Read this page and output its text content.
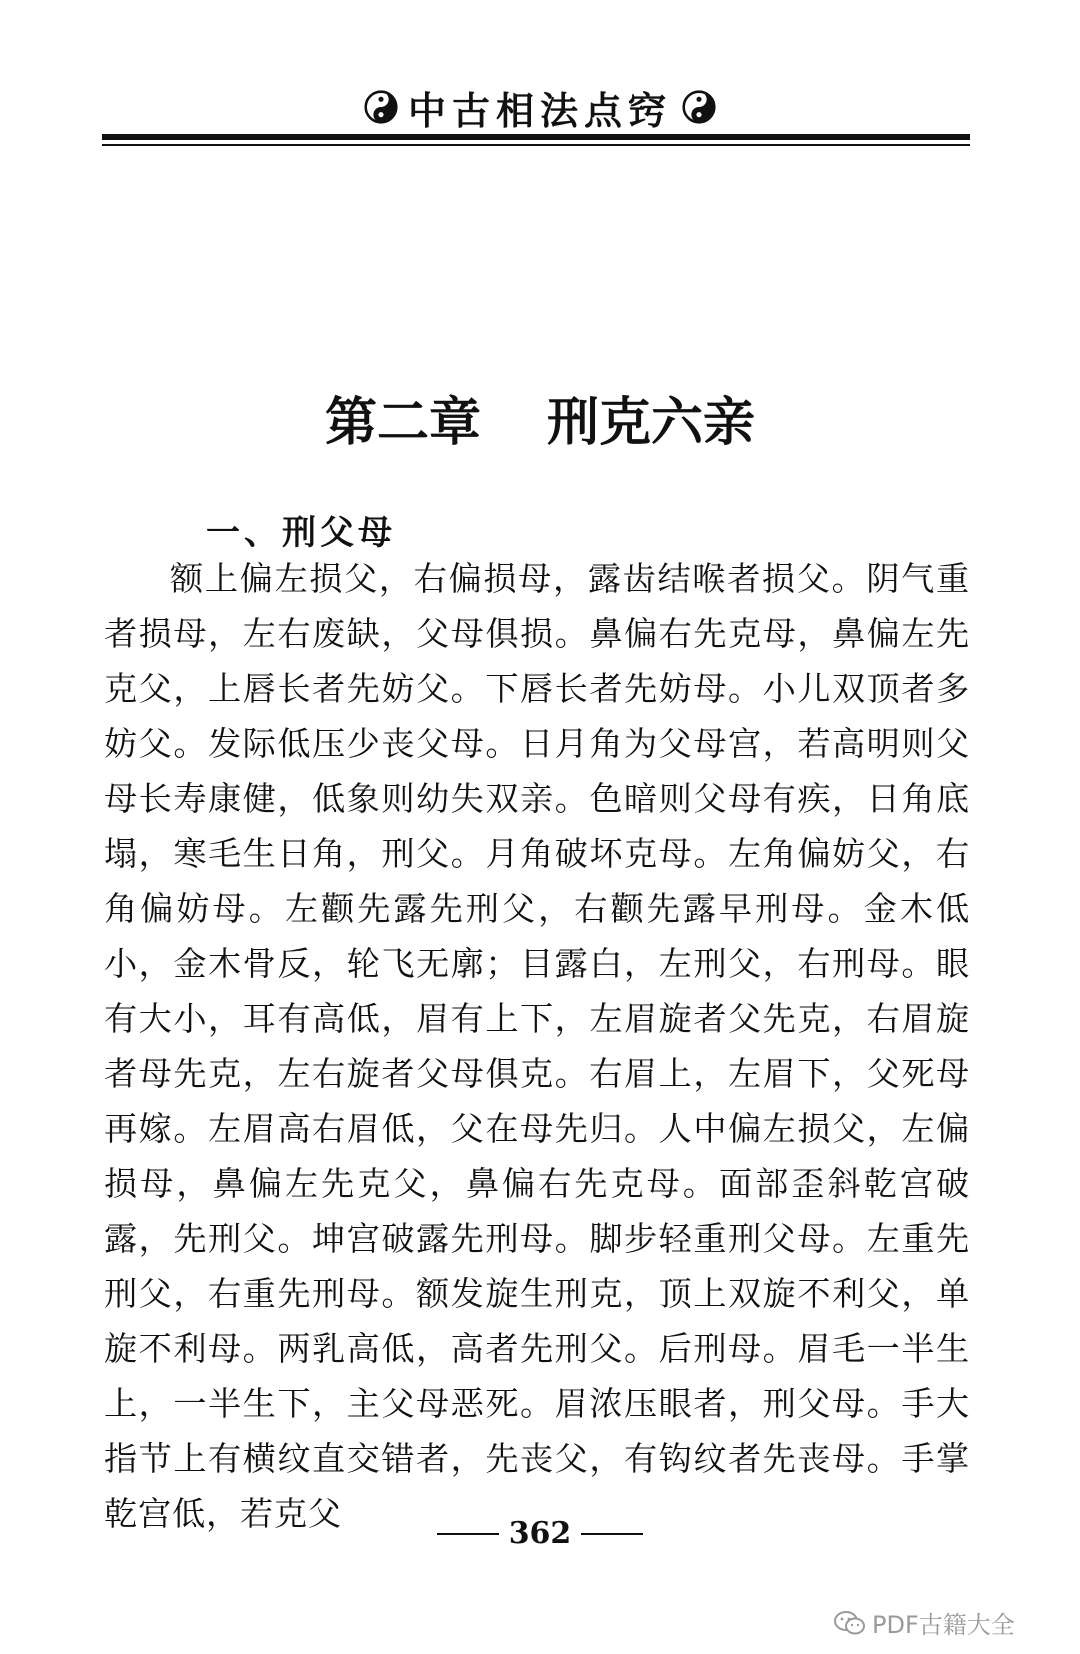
中古相法点窍
第二章 刑克六亲
一、刑父母
额上偏左损父，右偏损母，露齿结喉者损父。阴气重者损母，左右废缺，父母俱损。鼻偏右先克母，鼻偏左先克父，上唇长者先妨父。下唇长者先妨母。小儿双顶者多妨父。发际低压少丧父母。日月角为父母宫，若高明则父母长寿康健，低象则幼失双亲。色暗则父母有疾，日角底塌，寒毛生日角，刑父。月角破坏克母。左角偏妨父，右角偏妨母。左颧先露先刑父，右颧先露早刑母。金木低小，金木骨反，轮飞无廓；目露白，左刑父，右刑母。眼有大小，耳有高低，眉有上下，左眉旋者父先克，右眉旋者母先克，左右旋者父母俱克。右眉上，左眉下，父死母再嫁。左眉高右眉低，父在母先归。人中偏左损父，左偏损母，鼻偏左先克父，鼻偏右先克母。面部歪斜乾宫破露，先刑父。坤宫破露先刑母。脚步轻重刑父母。左重先刑父，右重先刑母。额发旋生刑克，顶上双旋不利父，单旋不利母。两乳高低，高者先刑父。后刑母。眉毛一半生上，一半生下，主父母恶死。眉浓压眼者，刑父母。手大指节上有横纹直交错者，先丧父，有钩纹者先丧母。手掌乾宫低，若克父
362
PDF古籍大全
